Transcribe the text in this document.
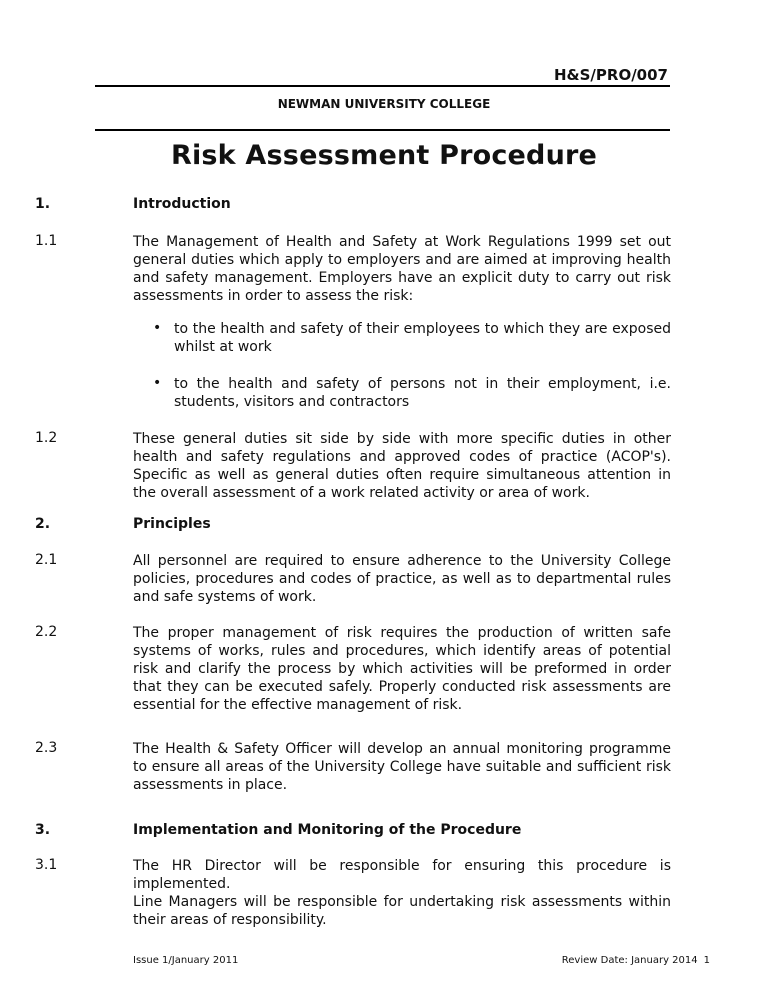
H&S/PRO/007
NEWMAN UNIVERSITY COLLEGE
Risk Assessment Procedure
1.	Introduction
1.1	The Management of Health and Safety at Work Regulations 1999 set out general duties which apply to employers and are aimed at improving health and safety management. Employers have an explicit duty to carry out risk assessments in order to assess the risk:

• to the health and safety of their employees to which they are exposed whilst at work

• to the health and safety of persons not in their employment, i.e. students, visitors and contractors

1.2	These general duties sit side by side with more specific duties in other health and safety regulations and approved codes of practice (ACOP's). Specific as well as general duties often require simultaneous attention in the overall assessment of a work related activity or area of work.

2.	Principles
2.1	All personnel are required to ensure adherence to the University College policies, procedures and codes of practice, as well as to departmental rules and safe systems of work.

2.2	The proper management of risk requires the production of written safe systems of works, rules and procedures, which identify areas of potential risk and clarify the process by which activities will be preformed in order that they can be executed safely. Properly conducted risk assessments are essential for the effective management of risk.

2.3	The Health & Safety Officer will develop an annual monitoring programme to ensure all areas of the University College have suitable and sufficient risk assessments in place.

3.	Implementation and Monitoring of the Procedure
3.1	The HR Director will be responsible for ensuring this procedure is implemented.

Line Managers will be responsible for undertaking risk assessments within their areas of responsibility.

Issue 1/January 2011	Review Date: January 2014 1
